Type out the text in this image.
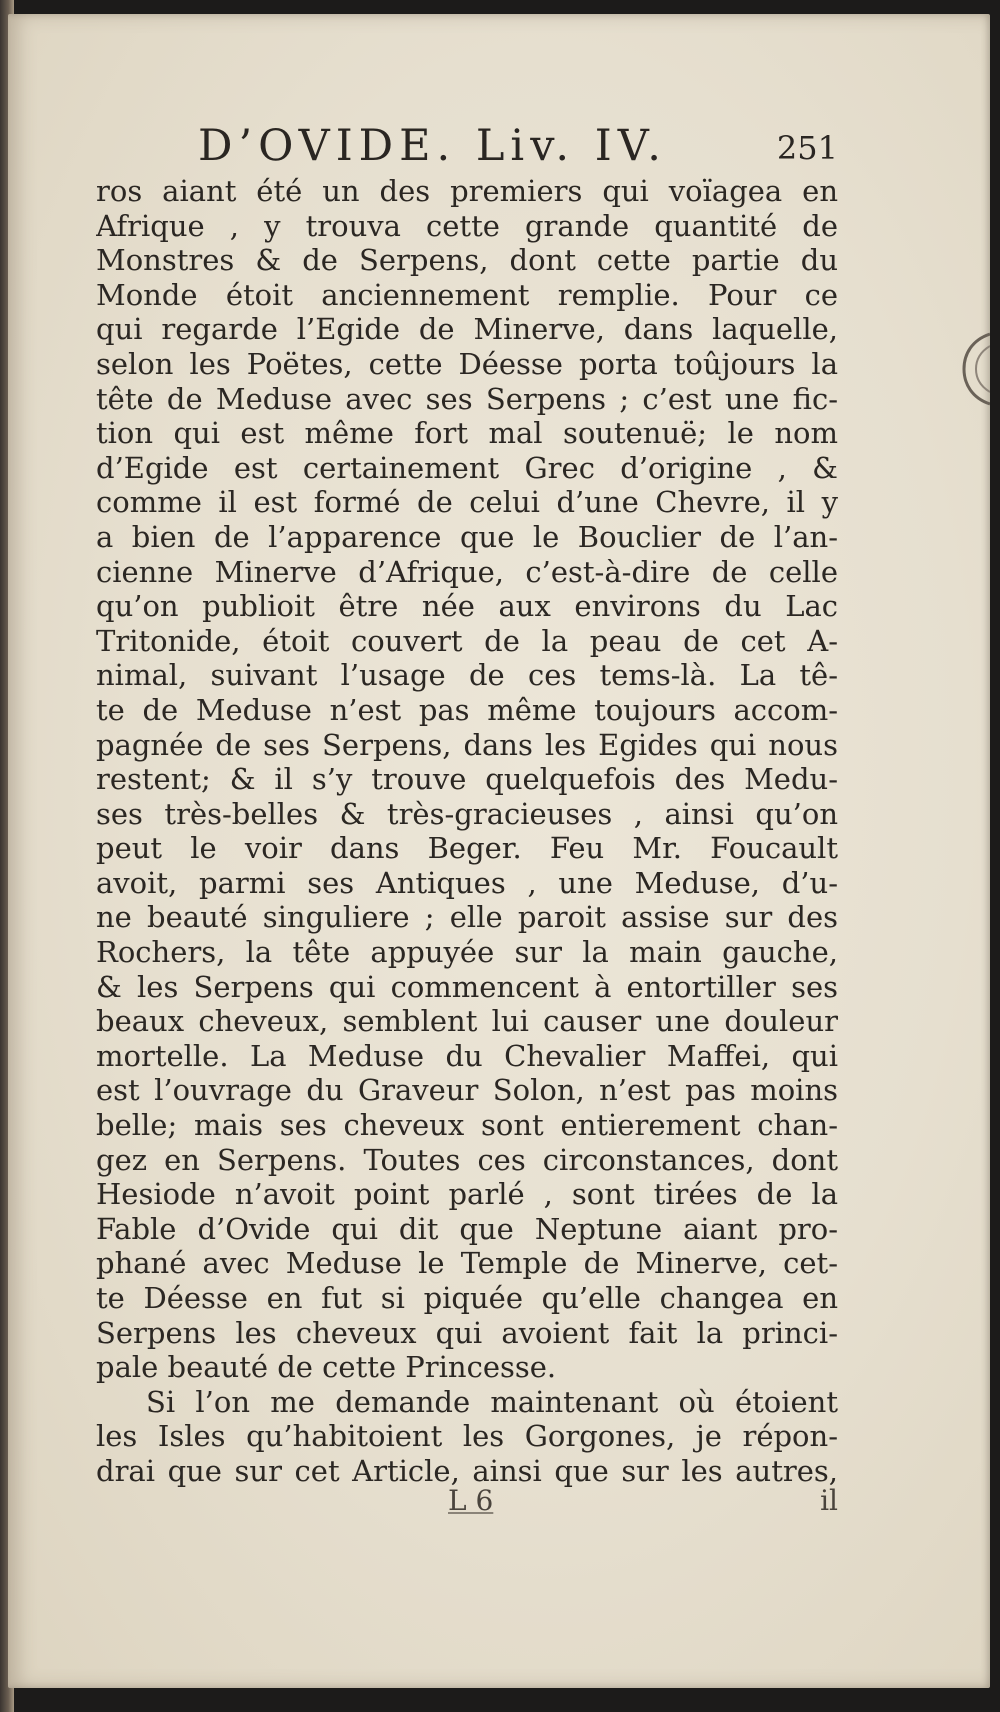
D’OVIDE. Liv. IV.	251
ros aiant été un des premiers qui voïagea en
Afrique , y trouva cette grande quantité de
Monstres & de Serpens, dont cette partie du
Monde étoit anciennement remplie. Pour ce
qui regarde l’Egide de Minerve, dans laquelle,
selon les Poëtes, cette Déesse porta toûjours la
tête de Meduse avec ses Serpens ; c’est une fic-
tion qui est même fort mal soutenuë; le nom
d’Egide est certainement Grec d’origine , &
comme il est formé de celui d’une Chevre, il y
a bien de l’apparence que le Bouclier de l’an-
cienne Minerve d’Afrique, c’est-à-dire de celle
qu’on publioit être née aux environs du Lac
Tritonide, étoit couvert de la peau de cet A-
nimal, suivant l’usage de ces tems-là. La tê-
te de Meduse n’est pas même toujours accom-
pagnée de ses Serpens, dans les Egides qui nous
restent; & il s’y trouve quelquefois des Medu-
ses très-belles & très-gracieuses , ainsi qu’on
peut le voir dans Beger. Feu Mr. Foucault
avoit, parmi ses Antiques , une Meduse, d’u-
ne beauté singuliere ; elle paroit assise sur des
Rochers, la tête appuyée sur la main gauche,
& les Serpens qui commencent à entortiller ses
beaux cheveux, semblent lui causer une douleur
mortelle. La Meduse du Chevalier Maffei, qui
est l’ouvrage du Graveur Solon, n’est pas moins
belle; mais ses cheveux sont entierement chan-
gez en Serpens. Toutes ces circonstances, dont
Hesiode n’avoit point parlé , sont tirées de la
Fable d’Ovide qui dit que Neptune aiant pro-
phané avec Meduse le Temple de Minerve, cet-
te Déesse en fut si piquée qu’elle changea en
Serpens les cheveux qui avoient fait la princi-
pale beauté de cette Princesse.
Si l’on me demande maintenant où étoient
les Isles qu’habitoient les Gorgones, je répon-
drai que sur cet Article, ainsi que sur les autres,
L 6	il
